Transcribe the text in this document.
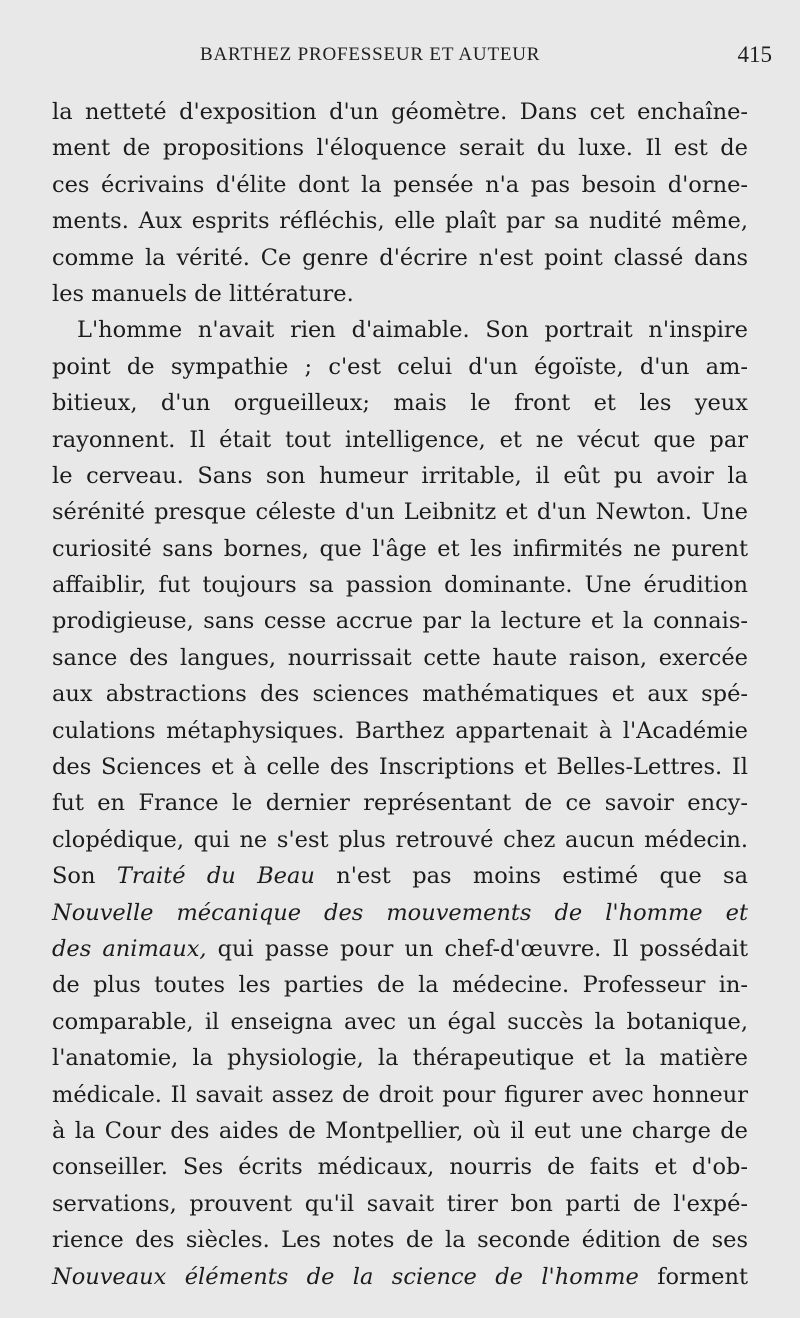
BARTHEZ PROFESSEUR ET AUTEUR	415
la netteté d'exposition d'un géomètre. Dans cet enchaîne-
ment de propositions l'éloquence serait du luxe. Il est de
ces écrivains d'élite dont la pensée n'a pas besoin d'orne-
ments. Aux esprits réfléchis, elle plaît par sa nudité même,
comme la vérité. Ce genre d'écrire n'est point classé dans
les manuels de littérature.
L'homme n'avait rien d'aimable. Son portrait n'inspire
point de sympathie ; c'est celui d'un égoïste, d'un am-
bitieux, d'un orgueilleux; mais le front et les yeux
rayonnent. Il était tout intelligence, et ne vécut que par
le cerveau. Sans son humeur irritable, il eût pu avoir la
sérénité presque céleste d'un Leibnitz et d'un Newton. Une
curiosité sans bornes, que l'âge et les infirmités ne purent
affaiblir, fut toujours sa passion dominante. Une érudition
prodigieuse, sans cesse accrue par la lecture et la connais-
sance des langues, nourrissait cette haute raison, exercée
aux abstractions des sciences mathématiques et aux spé-
culations métaphysiques. Barthez appartenait à l'Académie
des Sciences et à celle des Inscriptions et Belles-Lettres. Il
fut en France le dernier représentant de ce savoir ency-
clopédique, qui ne s'est plus retrouvé chez aucun médecin.
Son Traité du Beau n'est pas moins estimé que sa
Nouvelle mécanique des mouvements de l'homme et
des animaux, qui passe pour un chef-d'œuvre. Il possédait
de plus toutes les parties de la médecine. Professeur in-
comparable, il enseigna avec un égal succès la botanique,
l'anatomie, la physiologie, la thérapeutique et la matière
médicale. Il savait assez de droit pour figurer avec honneur
à la Cour des aides de Montpellier, où il eut une charge de
conseiller. Ses écrits médicaux, nourris de faits et d'ob-
servations, prouvent qu'il savait tirer bon parti de l'expé-
rience des siècles. Les notes de la seconde édition de ses
Nouveaux éléments de la science de l'homme forment
